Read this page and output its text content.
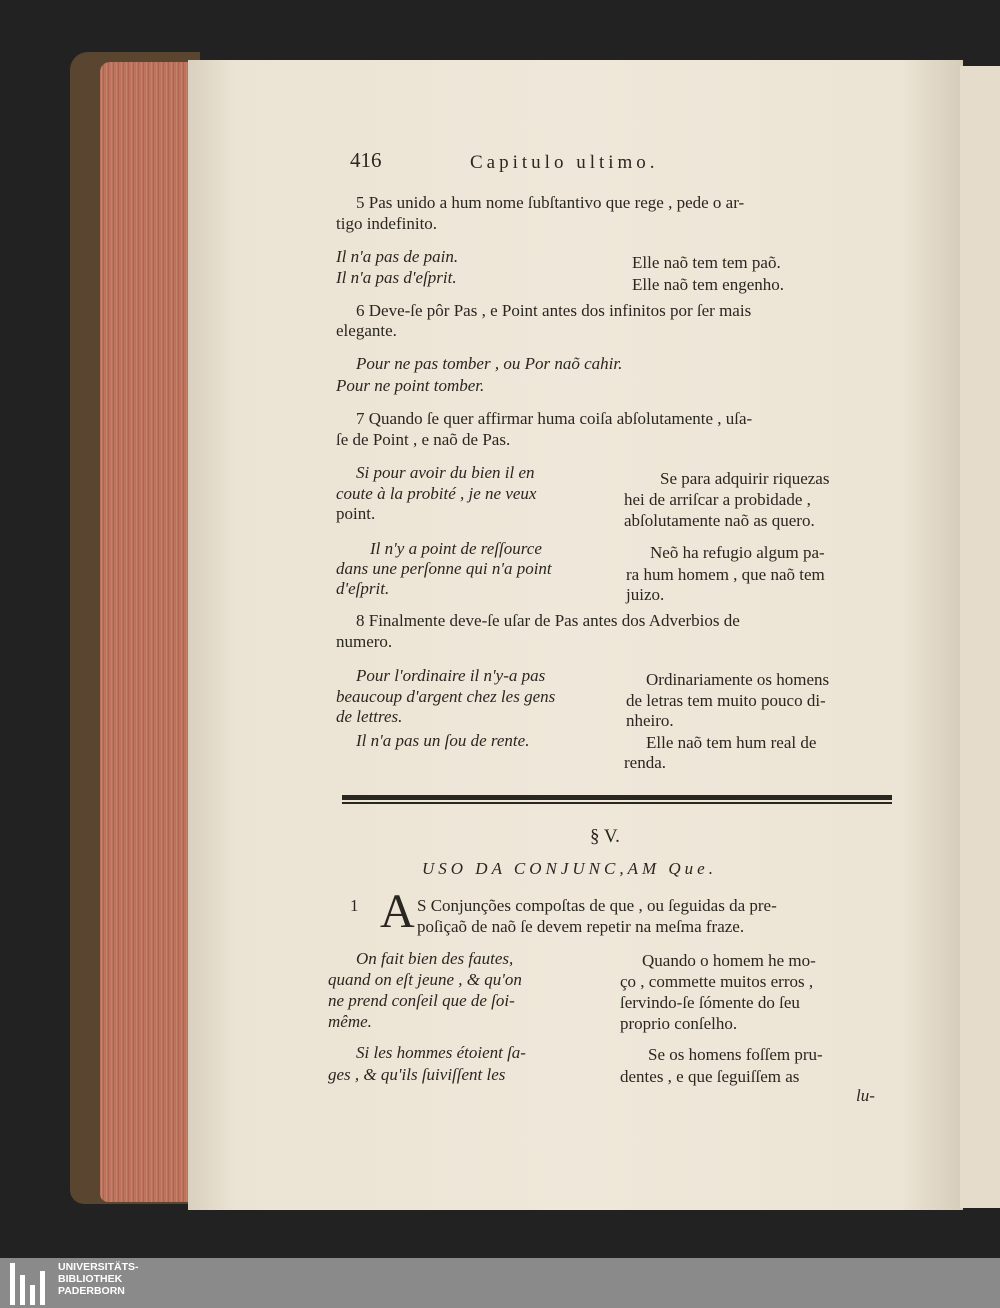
416	Capitulo ultimo.
5 Pas unido a hum nome ſubſtantivo que rege , pede o ar-
tigo indefinito.
Il n'a pas de pain.
Il n'a pas d'eſprit.
Elle naõ tem tem paõ.
Elle naõ tem engenho.
6 Deve-ſe pôr Pas , e Point antes dos infinitos por ſer mais
elegante.
Pour ne pas tomber , ou Por naõ cahir.
Pour ne point tomber.
7 Quando ſe quer affirmar huma coiſa abſolutamente , uſa-
ſe de Point , e naõ de Pas.
Si pour avoir du bien il en
coute à la probité , je ne veux
point.
Se para adquirir riquezas
hei de arriſcar a probidade ,
abſolutamente naõ as quero.
Il n'y a point de reſſource
dans une perſonne qui n'a point
d'eſprit.
Neõ ha refugio algum pa-
ra hum homem , que naõ tem
juizo.
8 Finalmente deve-ſe uſar de Pas antes dos Adverbios de
numero.
Pour l'ordinaire il n'y-a pas
beaucoup d'argent chez les gens
de lettres.
Ordinariamente os homens
de letras tem muito pouco di-
nheiro.
Il n'a pas un ſou de rente.	Elle naõ tem hum real de
renda.
§ V.
USO DA CONJUNC,AM Que.
1 A S Conjunções compoſtas de que , ou ſeguidas da pre-
poſiçaõ de naõ ſe devem repetir na meſma fraze.
On fait bien des fautes,
quand on eſt jeune , & qu'on
ne prend conſeil que de ſoi-
même.
Quando o homem he mo-
ço , commette muitos erros ,
ſervindo-ſe ſómente do ſeu
proprio conſelho.
Si les hommes étoient ſa-
ges , & qu'ils ſuiviſſent les
Se os homens foſſem pru-
dentes , e que ſeguiſſem as
lu-
UNIVERSITÄTS-
BIBLIOTHEK
PADERBORN
